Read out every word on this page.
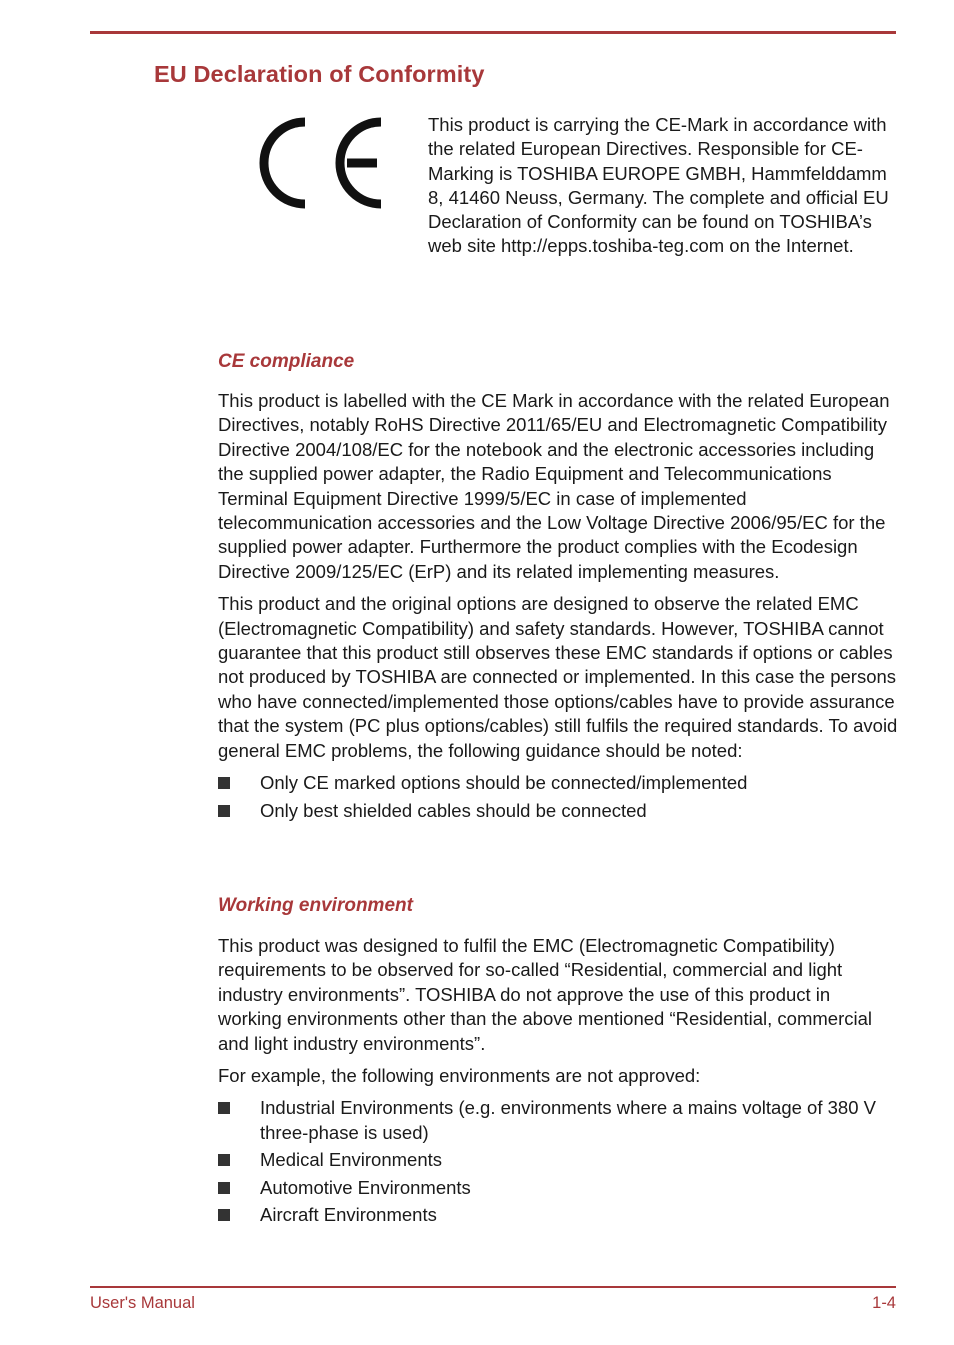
EU Declaration of Conformity

This product is carrying the CE-Mark in accordance with the related European Directives. Responsible for CE-Marking is TOSHIBA EUROPE GMBH, Hammfelddamm 8, 41460 Neuss, Germany. The complete and official EU Declaration of Conformity can be found on TOSHIBA’s web site http://epps.toshiba-teg.com on the Internet.

CE compliance

This product is labelled with the CE Mark in accordance with the related European Directives, notably RoHS Directive 2011/65/EU and Electromagnetic Compatibility Directive 2004/108/EC for the notebook and the electronic accessories including the supplied power adapter, the Radio Equipment and Telecommunications Terminal Equipment Directive 1999/5/EC in case of implemented telecommunication accessories and the Low Voltage Directive 2006/95/EC for the supplied power adapter. Furthermore the product complies with the Ecodesign Directive 2009/125/EC (ErP) and its related implementing measures.

This product and the original options are designed to observe the related EMC (Electromagnetic Compatibility) and safety standards. However, TOSHIBA cannot guarantee that this product still observes these EMC standards if options or cables not produced by TOSHIBA are connected or implemented. In this case the persons who have connected/implemented those options/cables have to provide assurance that the system (PC plus options/cables) still fulfils the required standards. To avoid general EMC problems, the following guidance should be noted:

Only CE marked options should be connected/implemented
Only best shielded cables should be connected
Working environment

This product was designed to fulfil the EMC (Electromagnetic Compatibility) requirements to be observed for so-called “Residential, commercial and light industry environments”. TOSHIBA do not approve the use of this product in working environments other than the above mentioned “Residential, commercial and light industry environments”.

For example, the following environments are not approved:

Industrial Environments (e.g. environments where a mains voltage of 380 V three-phase is used)
Medical Environments
Automotive Environments
Aircraft Environments
User's Manual	1-4
